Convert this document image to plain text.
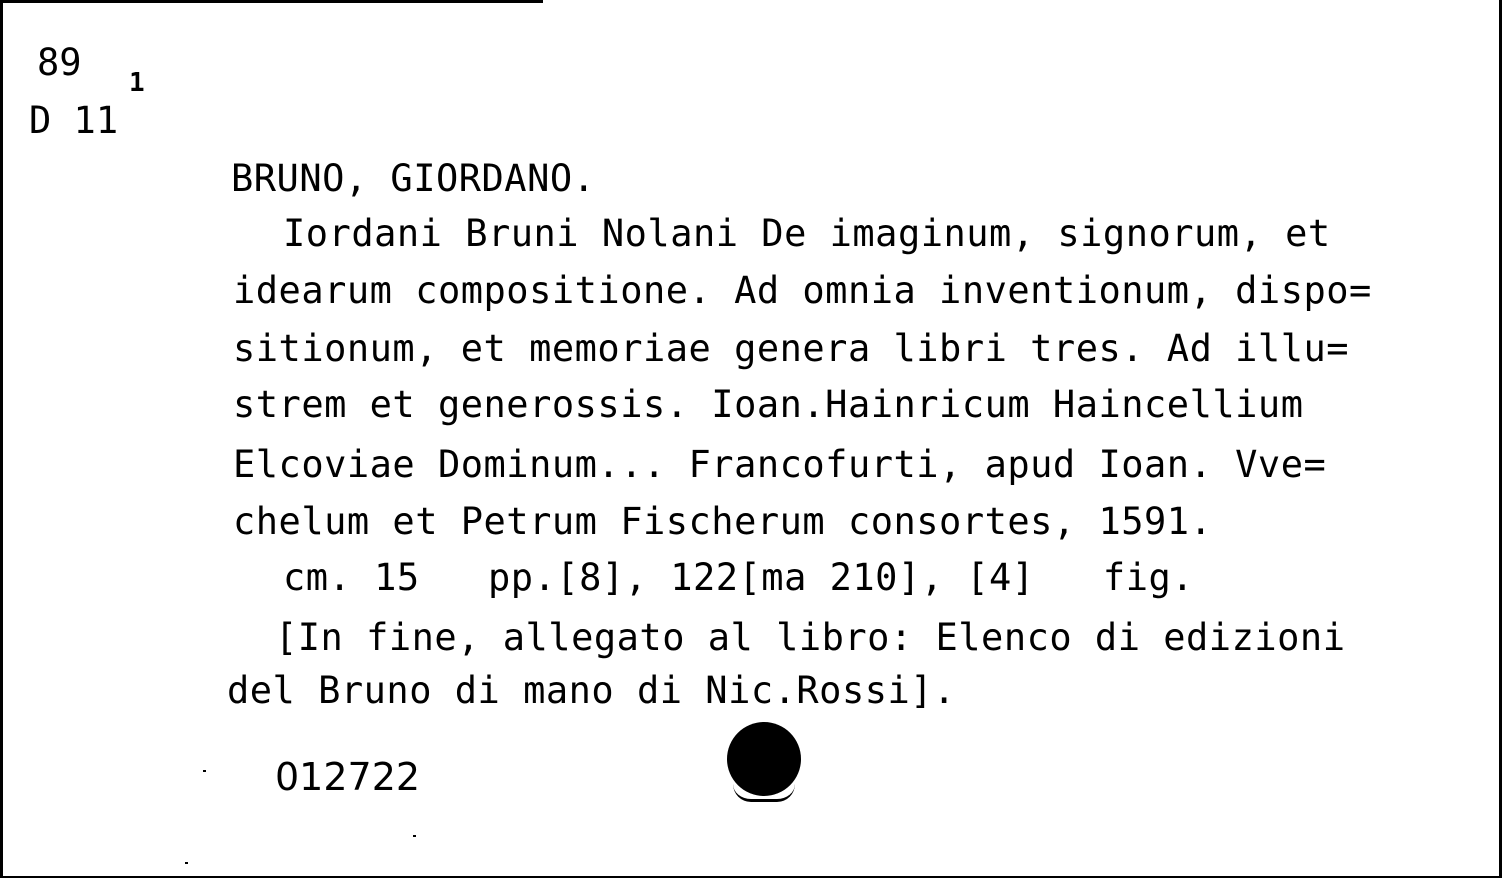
89
D 11
1
BRUNO, GIORDANO.
Iordani Bruni Nolani De imaginum, signorum, et
idearum compositione. Ad omnia inventionum, dispo=
sitionum, et memoriae genera libri tres. Ad illu=
strem et generossis. Ioan.Hainricum Haincellium
Elcoviae Dominum... Francofurti, apud Ioan. Vve=
chelum et Petrum Fischerum consortes, 1591.
cm. 15   pp.[8], 122[ma 210], [4]   fig.
[In fine, allegato al libro: Elenco di edizioni
del Bruno di mano di Nic.Rossi].
012722
